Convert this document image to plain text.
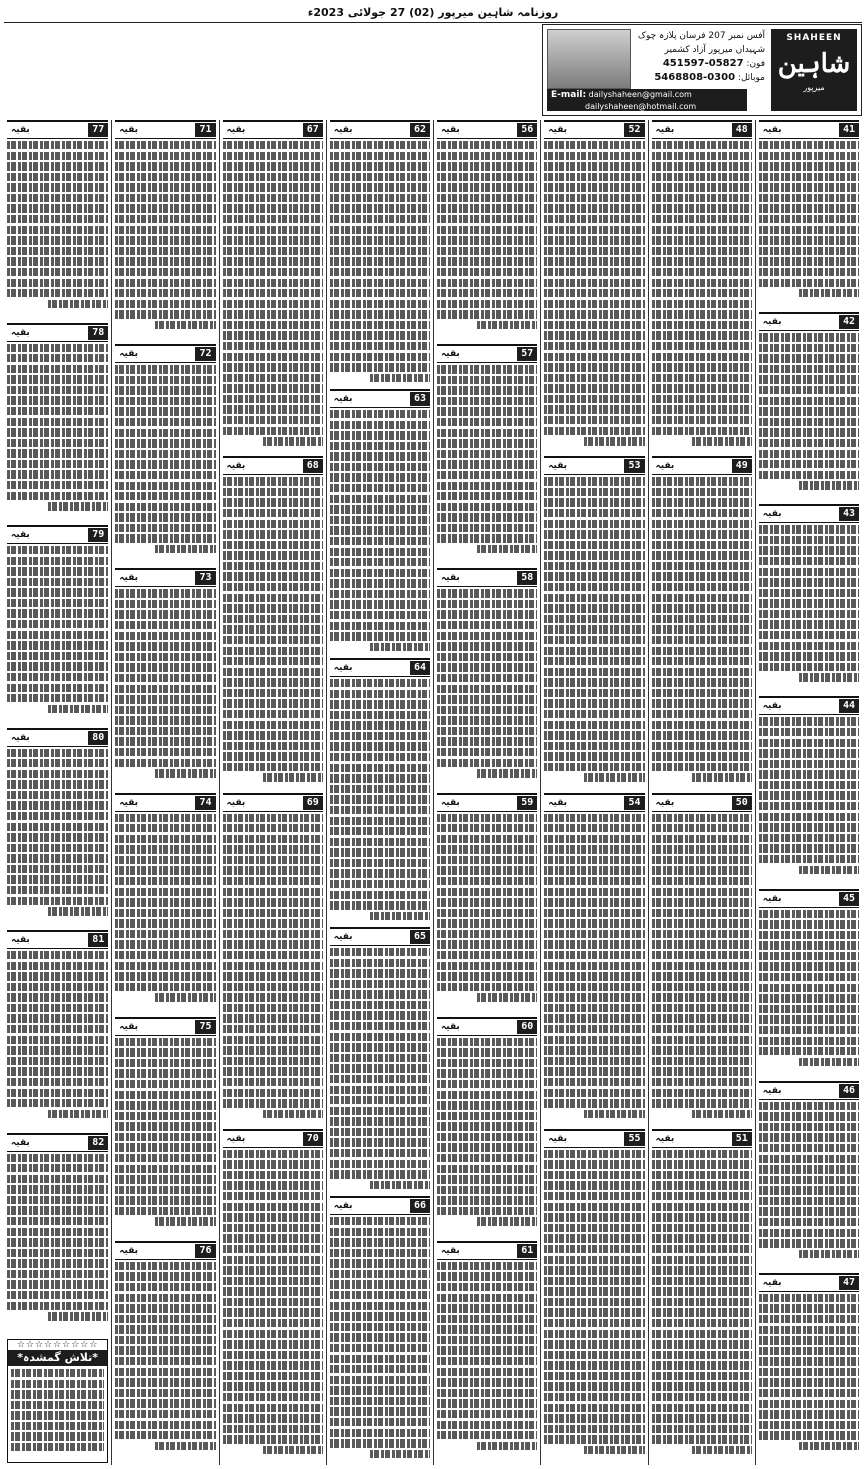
روزنامہ شاہین میرپور (02) 27 جولائی 2023ء
SHAHEEN
شاہین
میرپور
آفس نمبر 207 فرسان پلازہ چوک شہیداں میرپور آزاد کشمیر
فون: 05827-451597
موبائل: 0300-5468808
E-mail: dailyshaheen@gmail.com
dailyshaheen@hotmail.com
بقیہ	41
بقیہ	42
بقیہ	43
بقیہ	44
بقیہ	45
بقیہ	46
بقیہ	47
بقیہ	48
بقیہ	49
بقیہ	50
بقیہ	51
بقیہ	52
بقیہ	53
بقیہ	54
بقیہ	55
بقیہ	56
بقیہ	57
بقیہ	58
بقیہ	59
بقیہ	60
بقیہ	61
بقیہ	62
بقیہ	63
بقیہ	64
بقیہ	65
بقیہ	66
بقیہ	67
بقیہ	68
بقیہ	69
بقیہ	70
بقیہ	71
بقیہ	72
بقیہ	73
بقیہ	74
بقیہ	75
بقیہ	76
بقیہ	77
بقیہ	78
بقیہ	79
بقیہ	80
بقیہ	81
بقیہ	82
☆☆☆☆☆☆☆☆☆
*تلاش گمشدہ*
